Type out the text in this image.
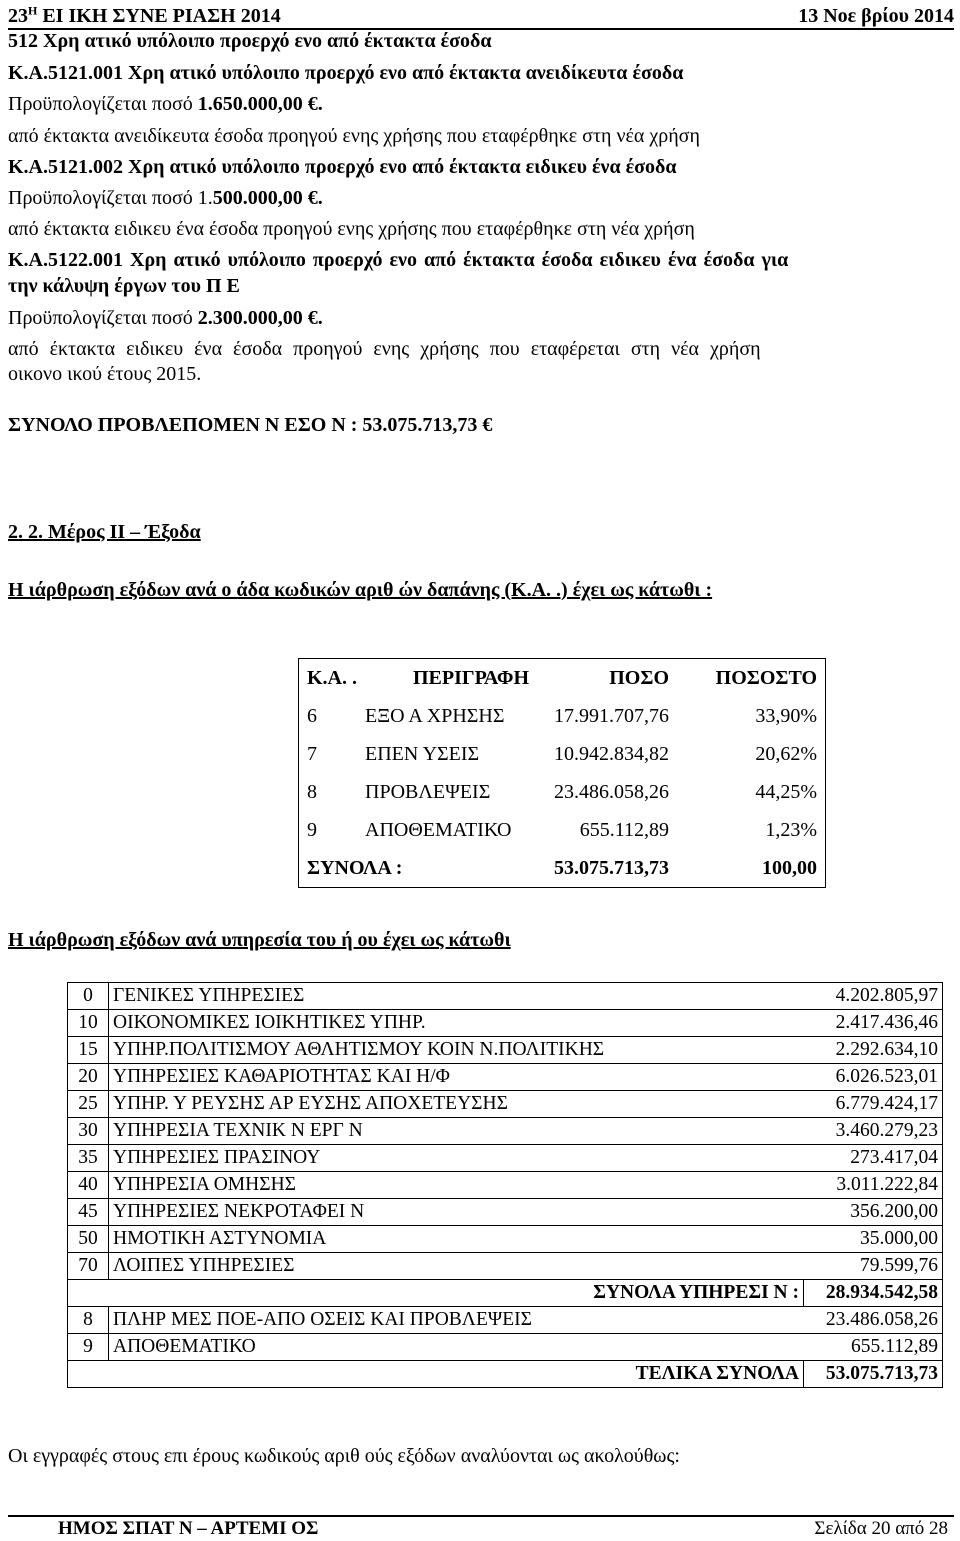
$23^H$ ΕΙ ΙΚΗ ΣΥΝΕ ΡΙΑΣΗ 2014	13 Νοε βρίου 2014
512 Χρη ατικό υπόλοιπο προερχό ενο από έκτακτα έσοδα
Κ.Α.5121.001 Χρη ατικό υπόλοιπο προερχό ενο από έκτακτα ανειδίκευτα έσοδα
Προϋπολογίζεται ποσό 1.650.000,00 €.
από έκτακτα ανειδίκευτα έσοδα προηγού ενης χρήσης που εταφέρθηκε στη νέα χρήση
Κ.Α.5121.002 Χρη ατικό υπόλοιπο προερχό ενο από έκτακτα ειδικευ ένα έσοδα
Προϋπολογίζεται ποσό 1.500.000,00 €.
από έκτακτα ειδικευ ένα έσοδα προηγού ενης χρήσης που εταφέρθηκε στη νέα χρήση
Κ.Α.5122.001 Χρη ατικό υπόλοιπο προερχό ενο από έκτακτα έσοδα ειδικευ ένα έσοδα για
την κάλυψη έργων του Π Ε
Προϋπολογίζεται ποσό 2.300.000,00 €.
από έκτακτα ειδικευ ένα έσοδα προηγού ενης χρήσης που εταφέρεται στη νέα χρήση
οικονο ικού έτους 2015.
ΣΥΝΟΛΟ ΠΡΟΒΛΕΠΟΜΕΝ Ν ΕΣΟ Ν : 53.075.713,73 €
2. 2. Μέρος ΙΙ – Έξοδα
Η ιάρθρωση εξόδων ανά ο άδα κωδικών αριθ ών δαπάνης (Κ.Α. .) έχει ως κάτωθι :
Κ.Α. .	ΠΕΡΙΓΡΑΦΗ	ΠΟΣΟ	ΠΟΣΟΣΤΟ
6	ΕΞΟ Α ΧΡΗΣΗΣ	17.991.707,76	33,90%
7	ΕΠΕΝ ΥΣΕΙΣ	10.942.834,82	20,62%
8	ΠΡΟΒΛΕΨΕΙΣ	23.486.058,26	44,25%
9	ΑΠΟΘΕΜΑΤΙΚΟ	655.112,89	1,23%
ΣΥΝΟΛΑ :		53.075.713,73	100,00
Η ιάρθρωση εξόδων ανά υπηρεσία του ή ου έχει ως κάτωθι
0	ΓΕΝΙΚΕΣ ΥΠΗΡΕΣΙΕΣ	4.202.805,97
10	ΟΙΚΟΝΟΜΙΚΕΣ ΙΟΙΚΗΤΙΚΕΣ ΥΠΗΡ.	2.417.436,46
15	ΥΠΗΡ.ΠΟΛΙΤΙΣΜΟΥ ΑΘΛΗΤΙΣΜΟΥ ΚΟΙΝ Ν.ΠΟΛΙΤΙΚΗΣ	2.292.634,10
20	ΥΠΗΡΕΣΙΕΣ ΚΑΘΑΡΙΟΤΗΤΑΣ ΚΑΙ Η/Φ	6.026.523,01
25	ΥΠΗΡ. Υ ΡΕΥΣΗΣ ΑΡ ΕΥΣΗΣ ΑΠΟΧΕΤΕΥΣΗΣ	6.779.424,17
30	ΥΠΗΡΕΣΙΑ ΤΕΧΝΙΚ Ν ΕΡΓ Ν	3.460.279,23
35	ΥΠΗΡΕΣΙΕΣ ΠΡΑΣΙΝΟΥ	273.417,04
40	ΥΠΗΡΕΣΙΑ ΟΜΗΣΗΣ	3.011.222,84
45	ΥΠΗΡΕΣΙΕΣ ΝΕΚΡΟΤΑΦΕΙ Ν	356.200,00
50	ΗΜΟΤΙΚΗ ΑΣΤΥΝΟΜΙΑ	35.000,00
70	ΛΟΙΠΕΣ ΥΠΗΡΕΣΙΕΣ	79.599,76
ΣΥΝΟΛΑ ΥΠΗΡΕΣΙ Ν :		28.934.542,58
8	ΠΛΗΡ ΜΕΣ ΠΟΕ-ΑΠΟ ΟΣΕΙΣ ΚΑΙ ΠΡΟΒΛΕΨΕΙΣ	23.486.058,26
9	ΑΠΟΘΕΜΑΤΙΚΟ	655.112,89
ΤΕΛΙΚΑ ΣΥΝΟΛΑ		53.075.713,73
Οι εγγραφές στους επι έρους κωδικούς αριθ ούς εξόδων αναλύονται ως ακολούθως:
ΗΜΟΣ ΣΠΑΤ Ν – ΑΡΤΕΜΙ ΟΣ	Σελίδα 20 από 28
